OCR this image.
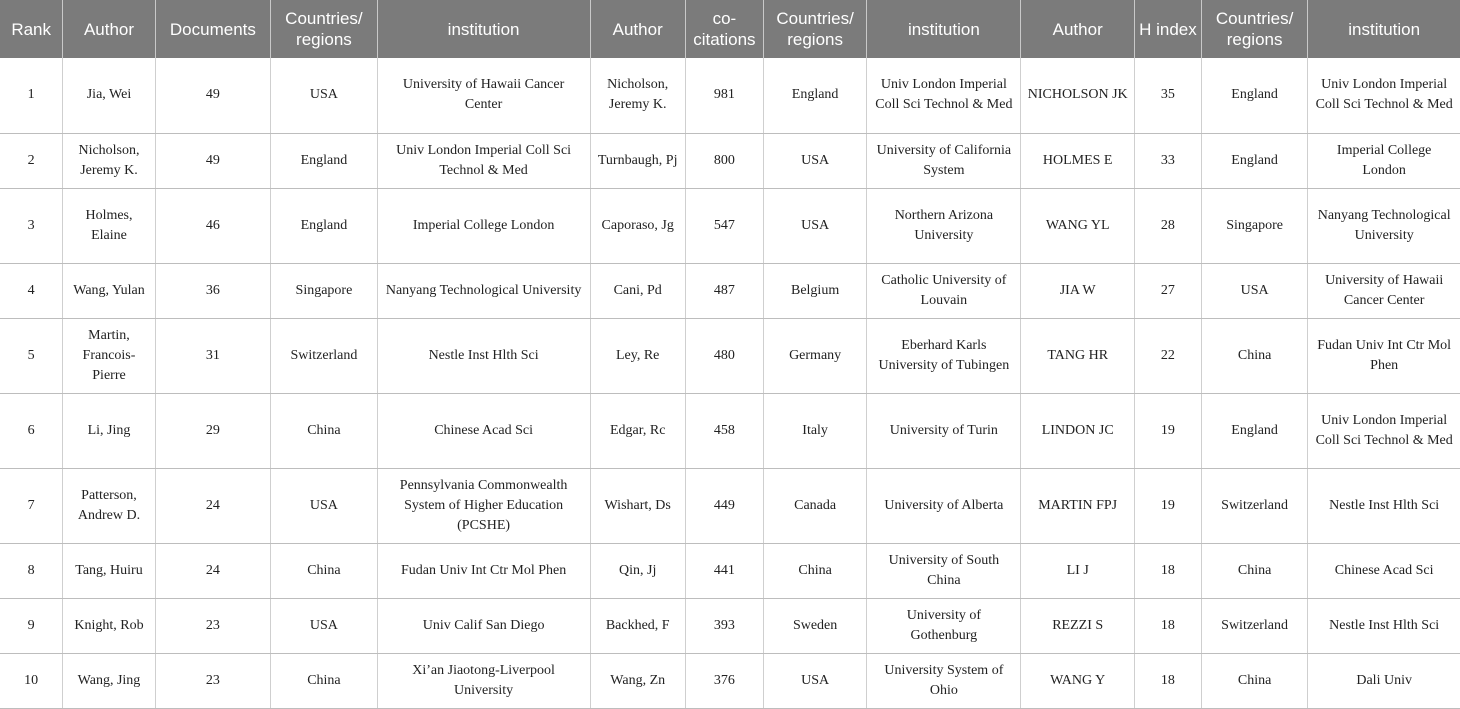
Rank	Author	Documents	Countries/ regions	institution	Author	co- citations	Countries/ regions	institution	Author	H index	Countries/ regions	institution
1	Jia, Wei	49	USA	University of Hawaii Cancer Center	Nicholson, Jeremy K.	981	England	Univ London Imperial Coll Sci Technol & Med	NICHOLSON JK	35	England	Univ London Imperial Coll Sci Technol & Med
2	Nicholson, Jeremy K.	49	England	Univ London Imperial Coll Sci Technol & Med	Turnbaugh, Pj	800	USA	University of California System	HOLMES E	33	England	Imperial College London
3	Holmes, Elaine	46	England	Imperial College London	Caporaso, Jg	547	USA	Northern Arizona University	WANG YL	28	Singapore	Nanyang Technological University
4	Wang, Yulan	36	Singapore	Nanyang Technological University	Cani, Pd	487	Belgium	Catholic University of Louvain	JIA W	27	USA	University of Hawaii Cancer Center
5	Martin, Francois-Pierre	31	Switzerland	Nestle Inst Hlth Sci	Ley, Re	480	Germany	Eberhard Karls University of Tubingen	TANG HR	22	China	Fudan Univ Int Ctr Mol Phen
6	Li, Jing	29	China	Chinese Acad Sci	Edgar, Rc	458	Italy	University of Turin	LINDON JC	19	England	Univ London Imperial Coll Sci Technol & Med
7	Patterson, Andrew D.	24	USA	Pennsylvania Commonwealth System of Higher Education (PCSHE)	Wishart, Ds	449	Canada	University of Alberta	MARTIN FPJ	19	Switzerland	Nestle Inst Hlth Sci
8	Tang, Huiru	24	China	Fudan Univ Int Ctr Mol Phen	Qin, Jj	441	China	University of South China	LI J	18	China	Chinese Acad Sci
9	Knight, Rob	23	USA	Univ Calif San Diego	Backhed, F	393	Sweden	University of Gothenburg	REZZI S	18	Switzerland	Nestle Inst Hlth Sci
10	Wang, Jing	23	China	Xi’an Jiaotong-Liverpool University	Wang, Zn	376	USA	University System of Ohio	WANG Y	18	China	Dali Univ
